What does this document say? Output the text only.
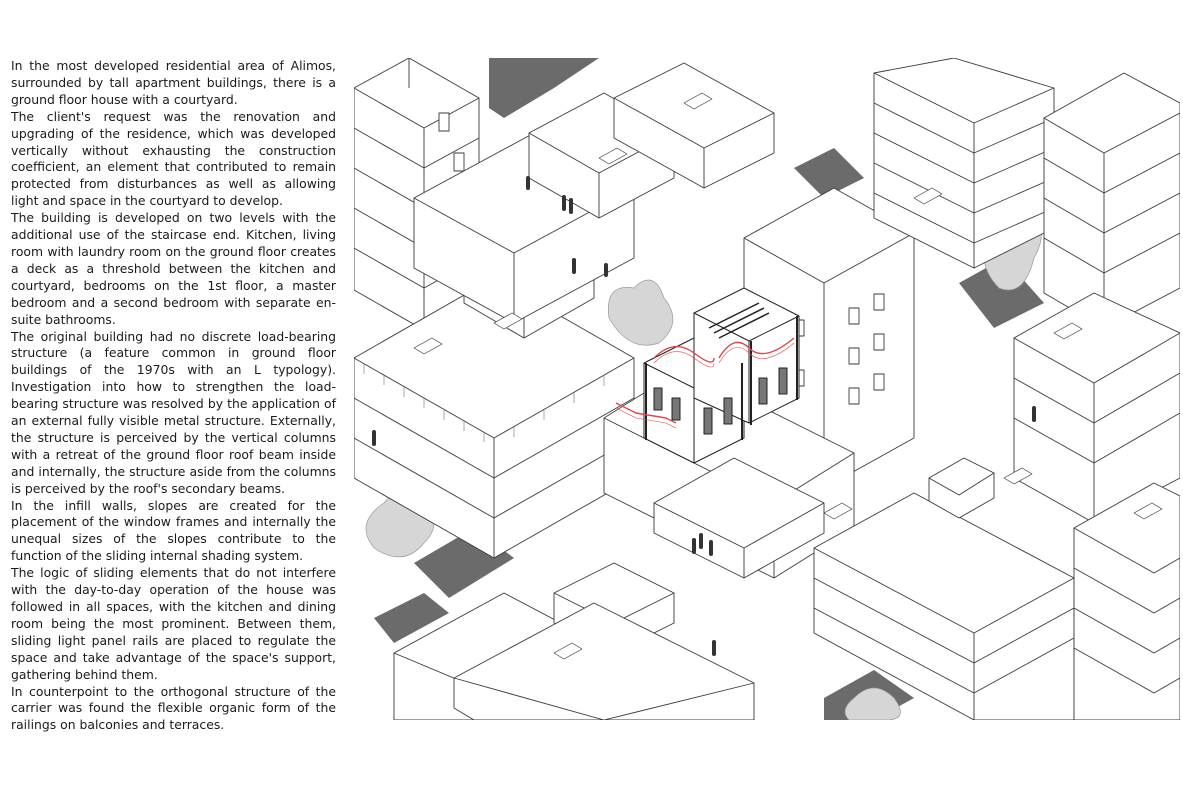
In the most developed residential area of Alimos, surrounded by tall apartment buildings, there is a ground floor house with a courtyard.

The client's request was the renovation and upgrading of the residence, which was developed vertically without exhausting the construction coefficient, an element that contributed to remain protected from disturbances as well as allowing light and space in the courtyard to develop.

The building is developed on two levels with the additional use of the staircase end. Kitchen, living room with laundry room on the ground floor creates a deck as a threshold between the kitchen and courtyard, bedrooms on the 1st floor, a master bedroom and a second bedroom with separate en-suite bathrooms.

The original building had no discrete load-bearing structure (a feature common in ground floor buildings of the 1970s with an L typology). Investigation into how to strengthen the load-bearing structure was resolved by the application of an external fully visible metal structure. Externally, the structure is perceived by the vertical columns with a retreat of the ground floor roof beam inside and internally, the structure aside from the columns is perceived by the roof's secondary beams.

In the infill walls, slopes are created for the placement of the window frames and internally the unequal sizes of the slopes contribute to the function of the sliding internal shading system.

The logic of sliding elements that do not interfere with the day-to-day operation of the house was followed in all spaces, with the kitchen and dining room being the most prominent. Between them, sliding light panel rails are placed to regulate the space and take advantage of the space's support, gathering behind them.

In counterpoint to the orthogonal structure of the carrier was found the flexible organic form of the railings on balconies and terraces.
